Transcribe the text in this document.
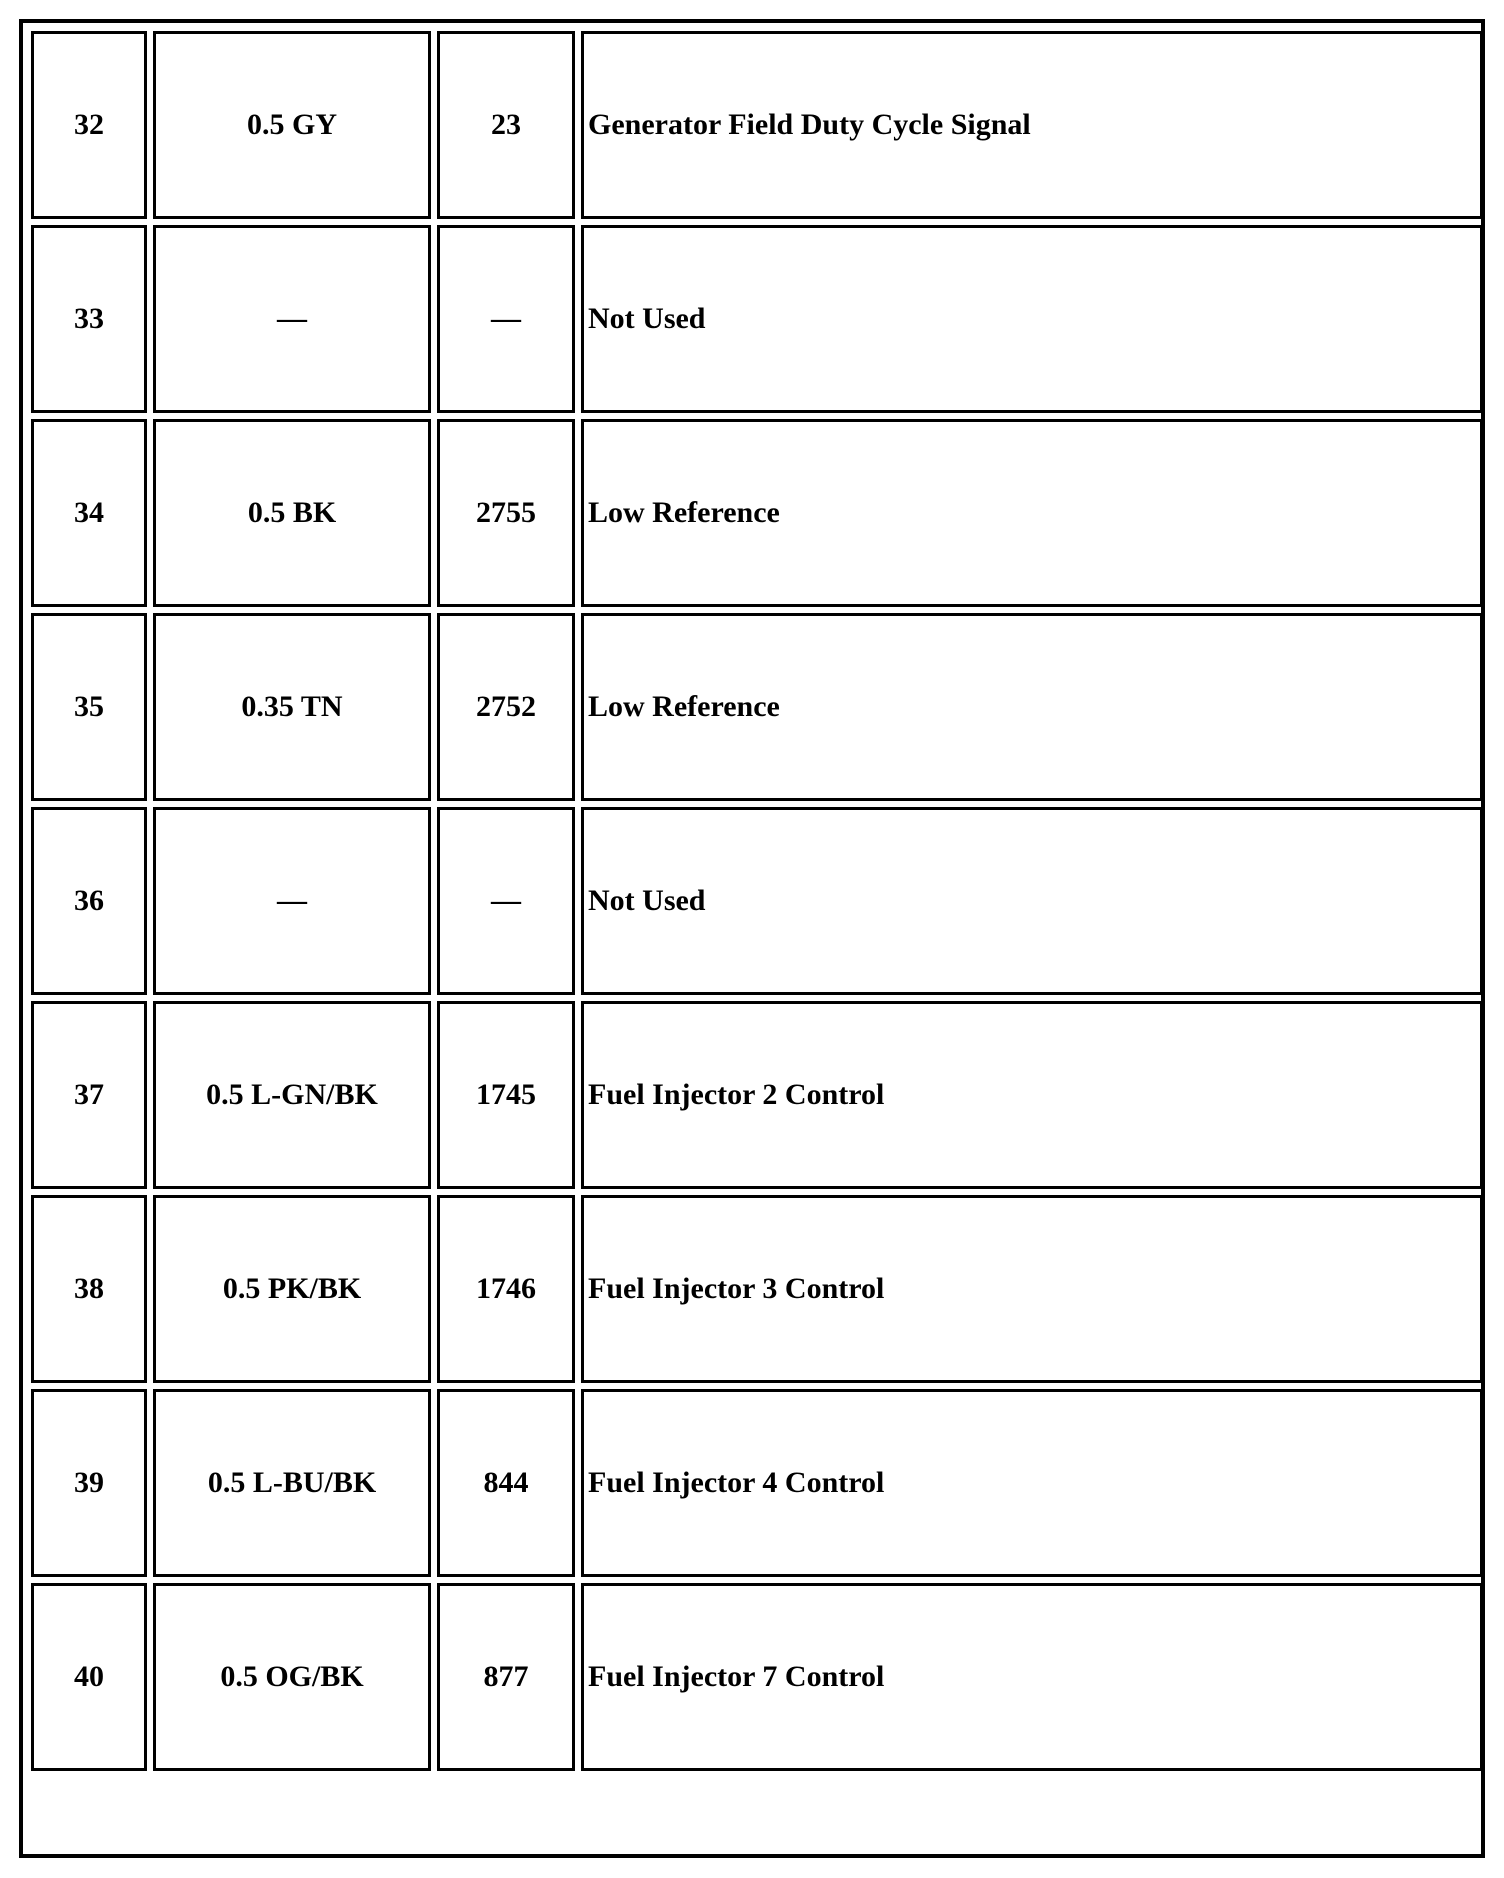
32	0.5 GY	23	Generator Field Duty Cycle Signal
33	—	—	Not Used
34	0.5 BK	2755	Low Reference
35	0.35 TN	2752	Low Reference
36	—	—	Not Used
37	0.5 L-GN/BK	1745	Fuel Injector 2 Control
38	0.5 PK/BK	1746	Fuel Injector 3 Control
39	0.5 L-BU/BK	844	Fuel Injector 4 Control
40	0.5 OG/BK	877	Fuel Injector 7 Control
